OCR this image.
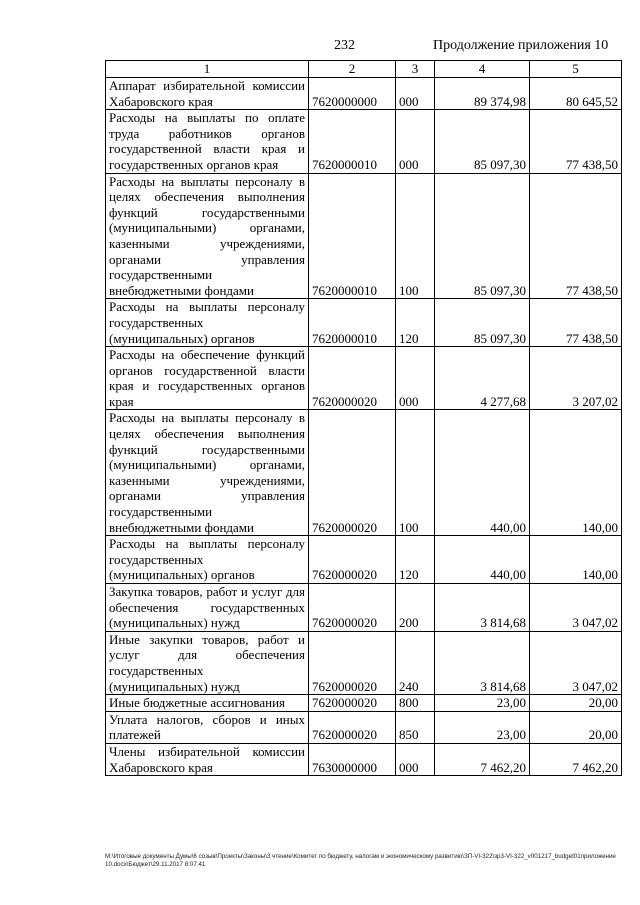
232	Продолжение приложения 10
1	2	3	4	5
Аппарат избирательной комиссии Хабаровского края	7620000000	000	89 374,98	80 645,52
Расходы на выплаты по оплате труда работников органов государственной власти края и государственных органов края	7620000010	000	85 097,30	77 438,50
Расходы на выплаты персоналу в целях обеспечения выполнения функций государственными (муниципальными) органами, казенными учреждениями, органами управления государственными внебюджетными фондами	7620000010	100	85 097,30	77 438,50
Расходы на выплаты персоналу государственных (муниципальных) органов	7620000010	120	85 097,30	77 438,50
Расходы на обеспечение функций органов государственной власти края и государственных органов края	7620000020	000	4 277,68	3 207,02
Расходы на выплаты персоналу в целях обеспечения выполнения функций государственными (муниципальными) органами, казенными учреждениями, органами управления государственными внебюджетными фондами	7620000020	100	440,00	140,00
Расходы на выплаты персоналу государственных (муниципальных) органов	7620000020	120	440,00	140,00
Закупка товаров, работ и услуг для обеспечения государственных (муниципальных) нужд	7620000020	200	3 814,68	3 047,02
Иные закупки товаров, работ и услуг для обеспечения государственных (муниципальных) нужд	7620000020	240	3 814,68	3 047,02
Иные бюджетные ассигнования	7620000020	800	23,00	20,00
Уплата налогов, сборов и иных платежей	7620000020	850	23,00	20,00
Члены избирательной комиссии Хабаровского края	7630000000	000	7 462,20	7 462,20
М:\Итоговые документы Думы\6 созыв\Проекты\Законы\3 чтение\Комитет по бюджету, налогам и экономическому развитию\ЗП-VI-322\зр3-VI-322_v001217_budget01приложение 10.docx\Бюджет\29.11.2017 8:07:41
